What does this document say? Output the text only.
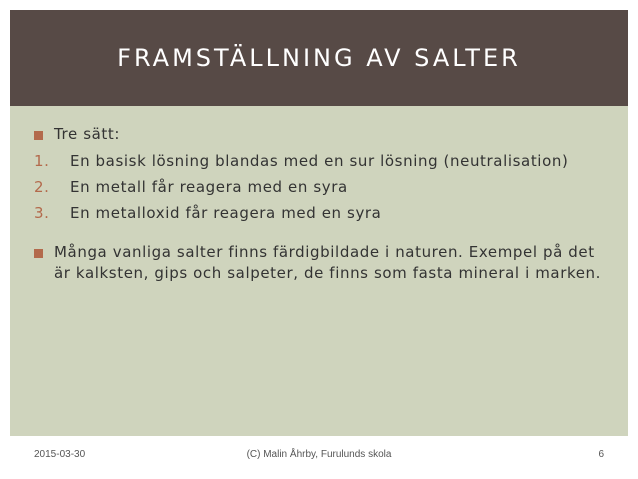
FRAMSTÄLLNING AV SALTER
Tre sätt:
1. En basisk lösning blandas med en sur lösning (neutralisation)
2. En metall får reagera med en syra
3. En metalloxid får reagera med en syra
Många vanliga salter finns färdigbildade i naturen. Exempel på det är kalksten, gips och salpeter, de finns som fasta mineral i marken.
2015-03-30	(C) Malin Åhrby, Furulunds skola	6
